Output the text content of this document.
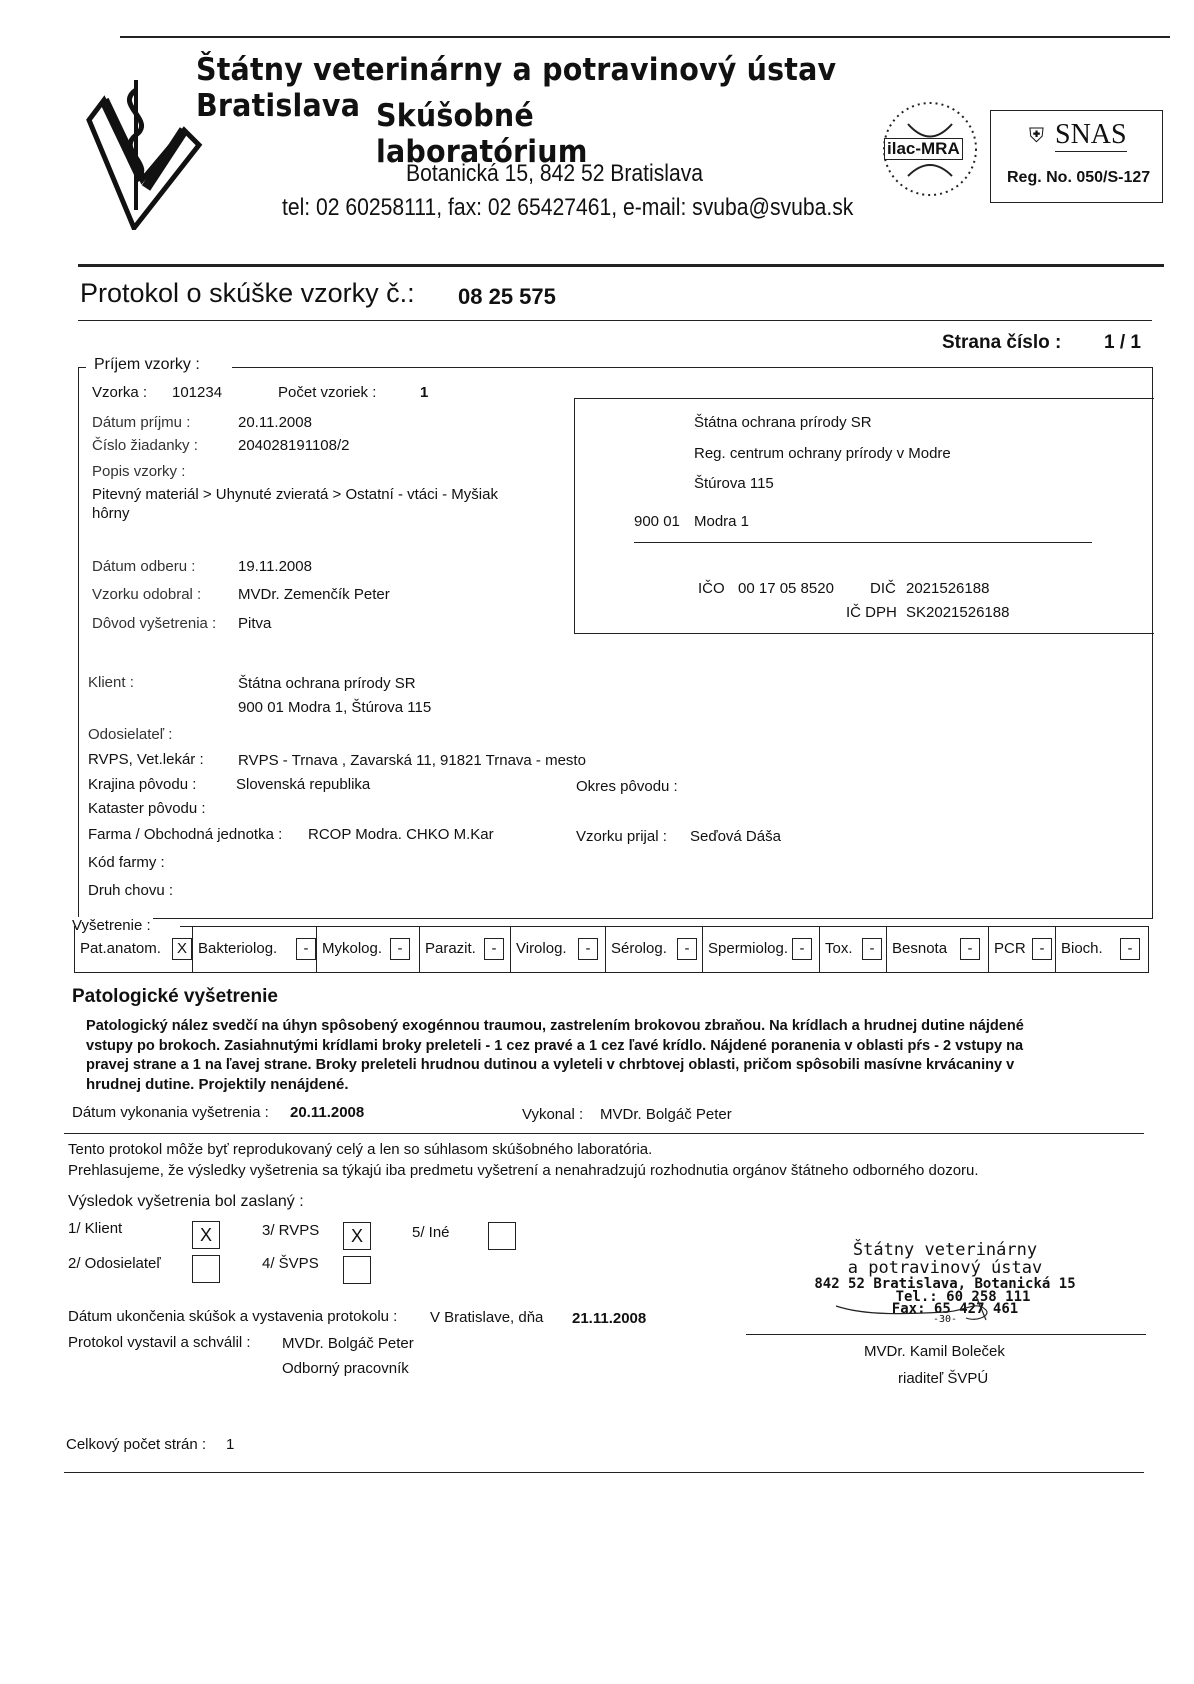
Štátny veterinárny a potravinový ústav Bratislava Skúšobné laboratórium
Botanická 15, 842 52 Bratislava
tel: 02 60258111, fax: 02 65427461, e-mail: svuba@svuba.sk
ilac-MRA
⛨ SNAS
Reg. No. 050/S-127
Protokol o skúške vzorky č.: 08 25 575
Strana číslo : 1 / 1
Príjem vzorky :
Vzorka : 101234	Počet vzoriek :	1
Dátum príjmu :	20.11.2008
Číslo žiadanky :	204028191108/2
Popis vzorky :
Pitevný materiál > Uhynuté zvieratá > Ostatní - vtáci - Myšiak
hôrny
Dátum odberu :	19.11.2008
Vzorku odobral : MVDr. Zemenčík Peter
Dôvod vyšetrenia : Pitva
Štátna ochrana prírody SR
Reg. centrum ochrany prírody v Modre
Štúrova 115
900 01 Modra 1
IČO 00 17 05 8520 DIČ 2021526188
IČ DPH SK2021526188
Klient :	Štátna ochrana prírody SR
900 01 Modra 1, Štúrova 115
Odosielateľ :
RVPS, Vet.lekár : RVPS - Trnava , Zavarská 11, 91821 Trnava - mesto
Krajina pôvodu :	Slovenská republika	Okres pôvodu :
Kataster pôvodu :
Farma / Obchodná jednotka : RCOP Modra. CHKO M.Kar	Vzorku prijal : Seďová Dáša
Kód farmy :
Druh chovu :
Vyšetrenie :
Pat.anatom.	X Bakteriolog.	- Mykolog.	-	Parazit.	-	Virolog.	-	Sérolog.	-	Spermiolog. -	Tox.	-	Besnota	-	PCR -	Bioch.	-
Patologické vyšetrenie
Patologický nález svedčí na úhyn spôsobený exogénnou traumou, zastrelením brokovou zbraňou. Na krídlach a hrudnej dutine nájdené
vstupy po brokoch. Zasiahnutými krídlami broky preleteli - 1 cez pravé a 1 cez ľavé krídlo. Nájdené poranenia v oblasti pŕs - 2 vstupy na
pravej strane a 1 na ľavej strane. Broky preleteli hrudnou dutinou a vyleteli v chrbtovej oblasti, pričom spôsobili masívne krvácaniny v
hrudnej dutine. Projektily nenájdené.
Dátum vykonania vyšetrenia : 20.11.2008	Vykonal : MVDr. Bolgáč Peter
Tento protokol môže byť reprodukovaný celý a len so súhlasom skúšobného laboratória.
Prehlasujeme, že výsledky vyšetrenia sa týkajú iba predmetu vyšetrení a nenahradzujú rozhodnutia orgánov štátneho odborného dozoru.
Výsledok vyšetrenia bol zaslaný :
1/ Klient	X
2/ Odosielateľ
3/ RVPS	X
4/ ŠVPS
5/ Iné
Štátny veterinárny
a potravinový ústav
842 52 Bratislava, Botanická 15
Tel.: 60 258 111
Fax: 65 427 461
-30-
MVDr. Kamil Boleček
riaditeľ ŠVPÚ
Dátum ukončenia skúšok a vystavenia protokolu : V Bratislave, dňa 21.11.2008
Protokol vystavil a schválil : MVDr. Bolgáč Peter
Odborný pracovník
Celkový počet strán : 1
